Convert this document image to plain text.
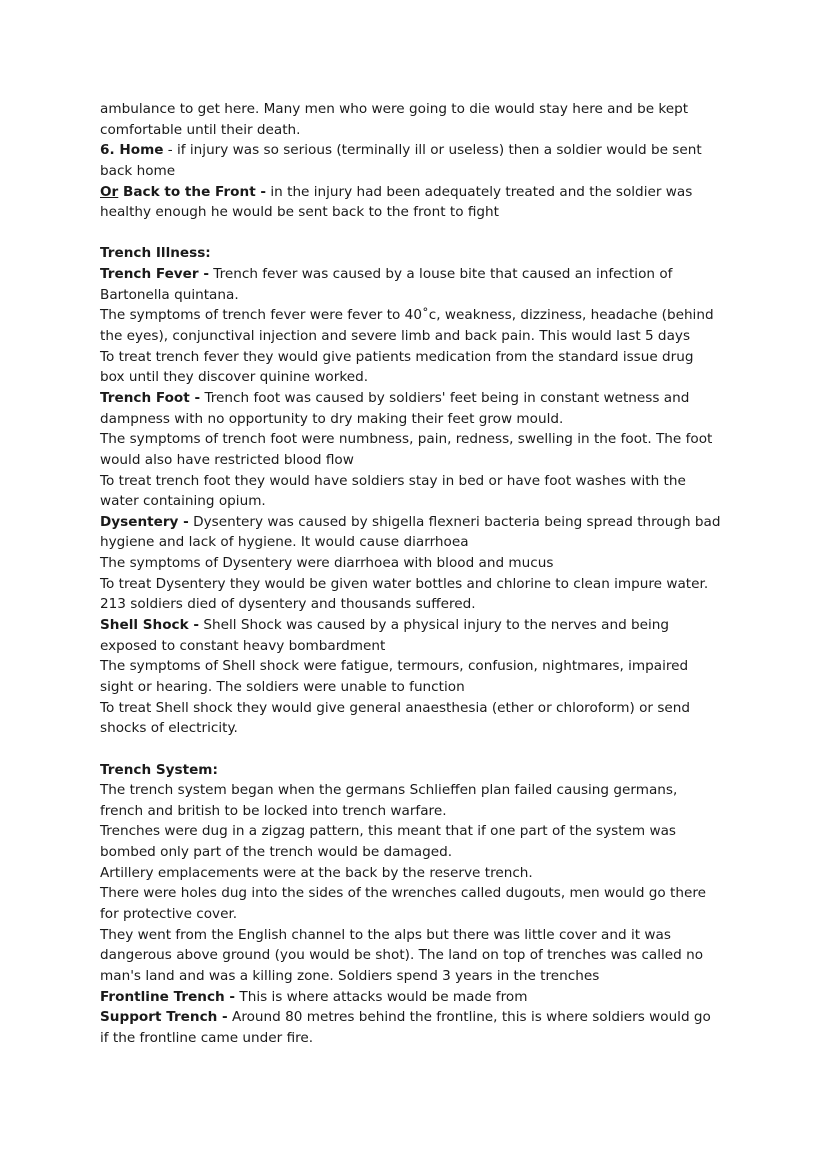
ambulance to get here. Many men who were going to die would stay here and be kept
comfortable until their death.
6. Home - if injury was so serious (terminally ill or useless) then a soldier would be sent
back home
Or Back to the Front - in the injury had been adequately treated and the soldier was
healthy enough he would be sent back to the front to fight
Trench Illness:
Trench Fever - Trench fever was caused by a louse bite that caused an infection of
Bartonella quintana.
The symptoms of trench fever were fever to 40˚c, weakness, dizziness, headache (behind
the eyes), conjunctival injection and severe limb and back pain. This would last 5 days
To treat trench fever they would give patients medication from the standard issue drug
box until they discover quinine worked.
Trench Foot - Trench foot was caused by soldiers' feet being in constant wetness and
dampness with no opportunity to dry making their feet grow mould.
The symptoms of trench foot were numbness, pain, redness, swelling in the foot. The foot
would also have restricted blood flow
To treat trench foot they would have soldiers stay in bed or have foot washes with the
water containing opium.
Dysentery - Dysentery was caused by shigella flexneri bacteria being spread through bad
hygiene and lack of hygiene. It would cause diarrhoea
The symptoms of Dysentery were diarrhoea with blood and mucus
To treat Dysentery they would be given water bottles and chlorine to clean impure water.
213 soldiers died of dysentery and thousands suffered.
Shell Shock - Shell Shock was caused by a physical injury to the nerves and being
exposed to constant heavy bombardment
The symptoms of Shell shock were fatigue, termours, confusion, nightmares, impaired
sight or hearing. The soldiers were unable to function
To treat Shell shock they would give general anaesthesia (ether or chloroform) or send
shocks of electricity.
Trench System:
The trench system began when the germans Schlieffen plan failed causing germans,
french and british to be locked into trench warfare.
Trenches were dug in a zigzag pattern, this meant that if one part of the system was
bombed only part of the trench would be damaged.
Artillery emplacements were at the back by the reserve trench.
There were holes dug into the sides of the wrenches called dugouts, men would go there
for protective cover.
They went from the English channel to the alps but there was little cover and it was
dangerous above ground (you would be shot). The land on top of trenches was called no
man's land and was a killing zone. Soldiers spend 3 years in the trenches
Frontline Trench - This is where attacks would be made from
Support Trench - Around 80 metres behind the frontline, this is where soldiers would go
if the frontline came under fire.
